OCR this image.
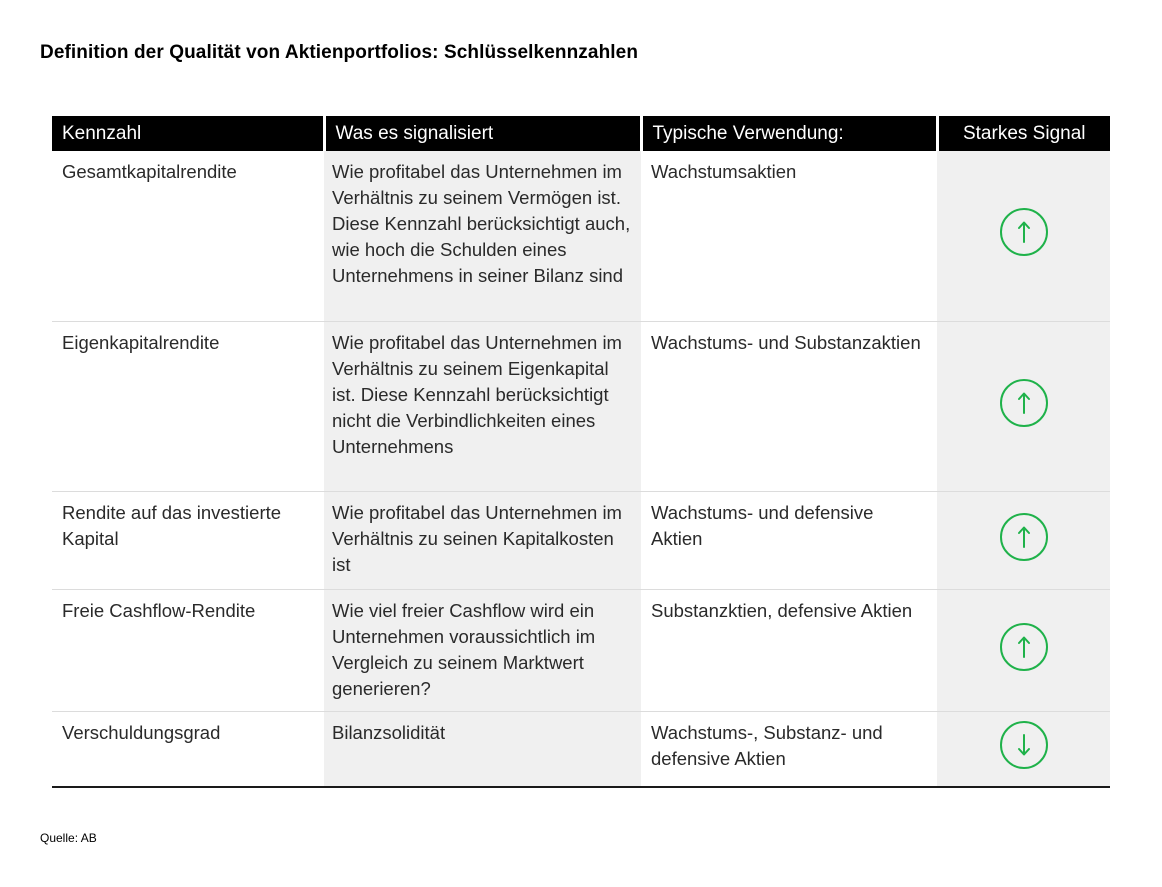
Definition der Qualität von Aktienportfolios: Schlüsselkennzahlen
Kennzahl	Was es signalisiert	Typische Verwendung:	Starkes Signal
Gesamtkapitalrendite	Wie profitabel das Unternehmen im Verhältnis zu seinem Vermögen ist. Diese Kennzahl berücksichtigt auch, wie hoch die Schulden eines Unternehmens in seiner Bilanz sind	Wachstumsaktien	

Eigenkapitalrendite	Wie profitabel das Unternehmen im Verhältnis zu seinem Eigenkapital ist. Diese Kennzahl berücksichtigt nicht die Verbindlichkeiten eines Unternehmens	Wachstums- und Substanzaktien	

Rendite auf das investierte Kapital	Wie profitabel das Unternehmen im Verhältnis zu seinen Kapitalkosten ist	Wachstums- und defensive Aktien	

Freie Cashflow-Rendite	Wie viel freier Cashflow wird ein Unternehmen voraussichtlich im Vergleich zu seinem Marktwert generieren?	Substanzktien, defensive Aktien	

Verschuldungsgrad	Bilanzsolidität	Wachstums-, Substanz- und defensive Aktien	
Quelle: AB
